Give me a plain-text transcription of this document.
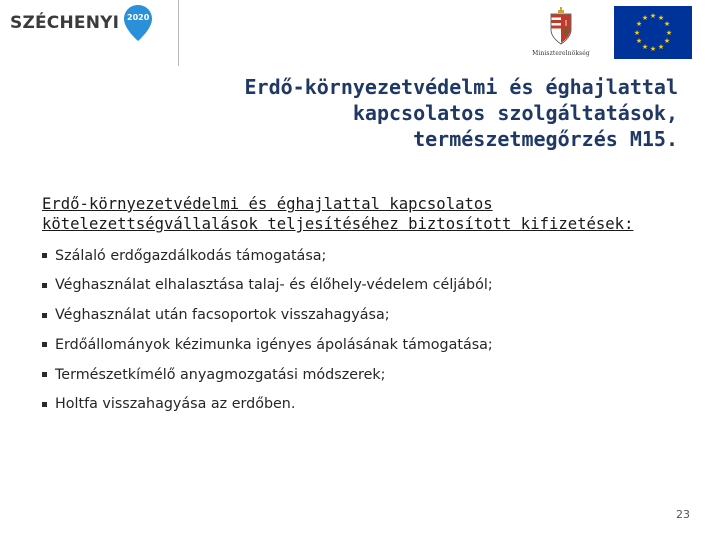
SZÉCHENYI 2020
Miniszterelnökség
★ ★
★
★
★
★
★
★
★
★
★
★
Erdő-környezetvédelmi és éghajlattal
kapcsolatos szolgáltatások,
természetmegőrzés M15.
Erdő-környezetvédelmi és éghajlattal kapcsolatos
kötelezettségvállalások teljesítéséhez biztosított kifizetések:
Szálaló erdőgazdálkodás támogatása;
Véghasználat elhalasztása talaj- és élőhely-védelem céljából;
Véghasználat után facsoportok visszahagyása;
Erdőállományok kézimunka igényes ápolásának támogatása;
Természetkímélő anyagmozgatási módszerek;
Holtfa visszahagyása az erdőben.
23
